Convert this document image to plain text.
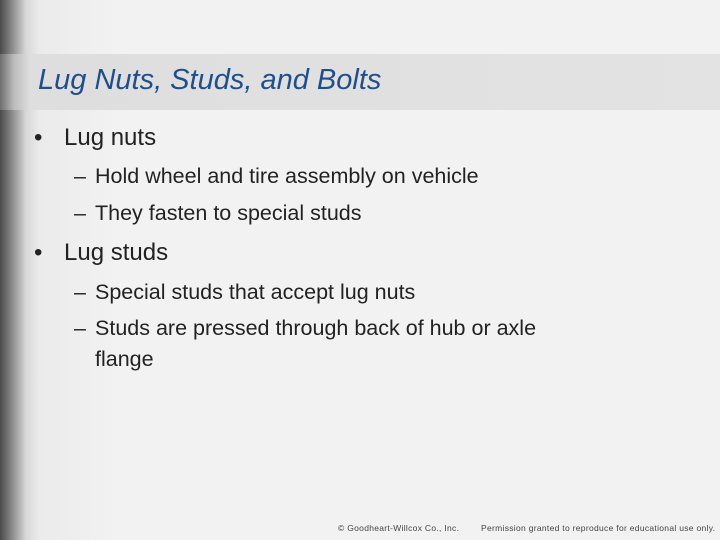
Lug Nuts, Studs, and Bolts
• Lug nuts
– Hold wheel and tire assembly on vehicle
– They fasten to special studs
• Lug studs
– Special studs that accept lug nuts
– Studs are pressed through back of hub or axle
flange
© Goodheart-Willcox Co., Inc.	Permission granted to reproduce for educational use only.
